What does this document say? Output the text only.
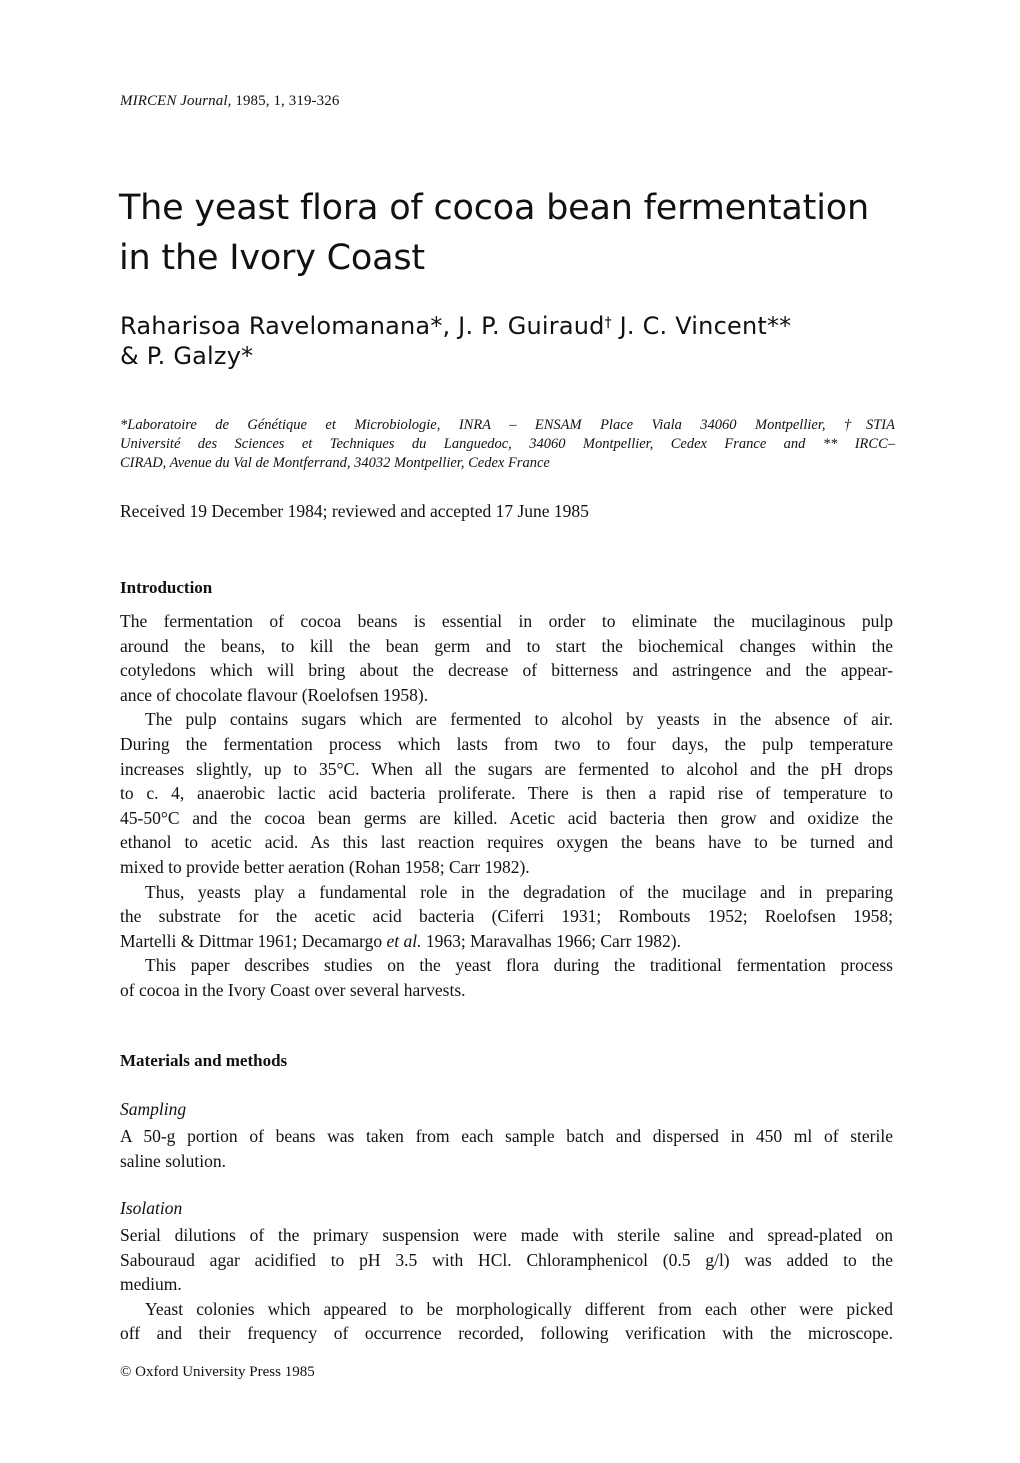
MIRCEN Journal, 1985, 1, 319-326
The yeast flora of cocoa bean fermentation
in the Ivory Coast
Raharisoa Ravelomanana*, J. P. Guiraud† J. C. Vincent**
& P. Galzy*
*Laboratoire de Génétique et Microbiologie, INRA – ENSAM Place Viala 34060 Montpellier, †STIA
Université des Sciences et Techniques du Languedoc, 34060 Montpellier, Cedex France and ** IRCC–
CIRAD, Avenue du Val de Montferrand, 34032 Montpellier, Cedex France
Received 19 December 1984; reviewed and accepted 17 June 1985
Introduction
The fermentation of cocoa beans is essential in order to eliminate the mucilaginous pulp
around the beans, to kill the bean germ and to start the biochemical changes within the
cotyledons which will bring about the decrease of bitterness and astringence and the appear-
ance of chocolate flavour (Roelofsen 1958).
The pulp contains sugars which are fermented to alcohol by yeasts in the absence of air.
During the fermentation process which lasts from two to four days, the pulp temperature
increases slightly, up to 35°C. When all the sugars are fermented to alcohol and the pH drops
to c. 4, anaerobic lactic acid bacteria proliferate. There is then a rapid rise of temperature to
45-50°C and the cocoa bean germs are killed. Acetic acid bacteria then grow and oxidize the
ethanol to acetic acid. As this last reaction requires oxygen the beans have to be turned and
mixed to provide better aeration (Rohan 1958; Carr 1982).
Thus, yeasts play a fundamental role in the degradation of the mucilage and in preparing
the substrate for the acetic acid bacteria (Ciferri 1931; Rombouts 1952; Roelofsen 1958;
Martelli & Dittmar 1961; Decamargo et al. 1963; Maravalhas 1966; Carr 1982).
This paper describes studies on the yeast flora during the traditional fermentation process
of cocoa in the Ivory Coast over several harvests.
Materials and methods
Sampling
A 50-g portion of beans was taken from each sample batch and dispersed in 450 ml of sterile
saline solution.
Isolation
Serial dilutions of the primary suspension were made with sterile saline and spread-plated on
Sabouraud agar acidified to pH 3.5 with HCl. Chloramphenicol (0.5 g/l) was added to the
medium.
Yeast colonies which appeared to be morphologically different from each other were picked
off and their frequency of occurrence recorded, following verification with the microscope.
© Oxford University Press 1985
